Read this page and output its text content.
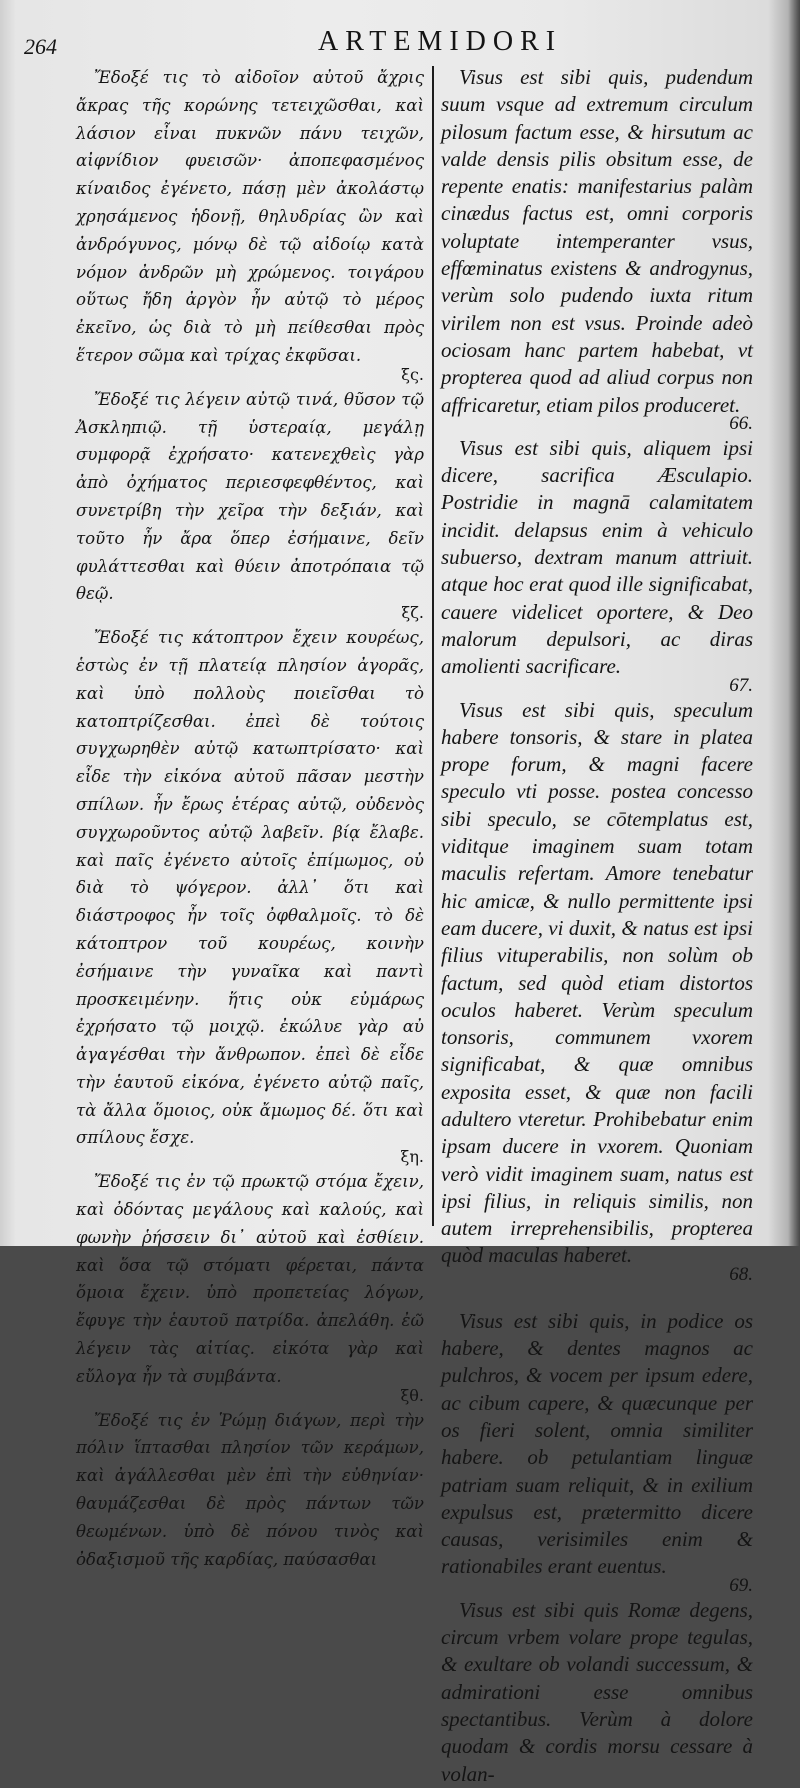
264	ARTEMIDORI

Ἔδοξέ τις τὸ αἰδοῖον αὐτοῦ ἄχρις ἄκρας τῆς κορώνης τετειχῶσθαι, καὶ λάσιον εἶναι πυκνῶν πάνυ τειχῶν, αἰφνίδιον φυεισῶν· ἀποπεφασμένος κίναιδος ἐγένετο, πάσῃ μὲν ἀκολάστῳ χρησάμενος ἡδονῇ, θηλυδρίας ὢν καὶ ἀνδρόγυνος, μόνῳ δὲ τῷ αἰδοίῳ κατὰ νόμον ἀνδρῶν μὴ χρώμενος. τοιγάρου οὕτως ἤδη ἀργὸν ἦν αὐτῷ τὸ μέρος ἐκεῖνο, ὡς διὰ τὸ μὴ πείθεσθαι πρὸς ἕτερον σῶμα καὶ τρίχας ἐκφῦσαι.
ξς.

Ἔδοξέ τις λέγειν αὐτῷ τινά, θῦσον τῷ Ἀσκληπιῷ. τῇ ὑστεραίᾳ, μεγάλῃ συμφορᾷ ἐχρήσατο· κατενεχθεὶς γὰρ ἀπὸ ὀχήματος περιεσφεφθέντος, καὶ συνετρίβη τὴν χεῖρα τὴν δεξιάν, καὶ τοῦτο ἦν ἄρα ὅπερ ἐσήμαινε, δεῖν φυλάττεσθαι καὶ θύειν ἀποτρόπαια τῷ θεῷ.
ξζ.

Ἔδοξέ τις κάτοπτρον ἔχειν κουρέως, ἑστὼς ἐν τῇ πλατείᾳ πλησίον ἀγορᾶς, καὶ ὑπὸ πολλοὺς ποιεῖσθαι τὸ κατοπτρίζεσθαι. ἐπεὶ δὲ τούτοις συγχωρηθὲν αὐτῷ κατωπτρίσατο· καὶ εἶδε τὴν εἰκόνα αὐτοῦ πᾶσαν μεστὴν σπίλων. ἦν ἔρως ἑτέρας αὐτῷ, οὐδενὸς συγχωροῦντος αὐτῷ λαβεῖν. βίᾳ ἔλαβε. καὶ παῖς ἐγένετο αὐτοῖς ἐπίμωμος, οὐ διὰ τὸ ψόγερον. ἀλλ᾽ ὅτι καὶ διάστροφος ἦν τοῖς ὀφθαλμοῖς. τὸ δὲ κάτοπτρον τοῦ κουρέως, κοινὴν ἐσήμαινε τὴν γυναῖκα καὶ παντὶ προσκειμένην. ἥτις οὐκ εὐμάρως ἐχρήσατο τῷ μοιχῷ. ἐκώλυε γὰρ αὐ ἀγαγέσθαι τὴν ἄνθρωπον. ἐπεὶ δὲ εἶδε τὴν ἑαυτοῦ εἰκόνα, ἐγένετο αὐτῷ παῖς, τὰ ἄλλα ὅμοιος, οὐκ ἄμωμος δέ. ὅτι καὶ σπίλους ἔσχε.
ξη.

Ἔδοξέ τις ἐν τῷ πρωκτῷ στόμα ἔχειν, καὶ ὀδόντας μεγάλους καὶ καλούς, καὶ φωνὴν ῥήσσειν δι᾽ αὐτοῦ καὶ ἐσθίειν. καὶ ὅσα τῷ στόματι φέρεται, πάντα ὅμοια ἔχειν. ὑπὸ προπετείας λόγων, ἔφυγε τὴν ἑαυτοῦ πατρίδα. ἀπελάθη. ἐῶ λέγειν τὰς αἰτίας. εἰκότα γὰρ καὶ εὔλογα ἦν τὰ συμβάντα.
ξθ.

Ἔδοξέ τις ἐν Ῥώμῃ διάγων, περὶ τὴν πόλιν ἵπτασθαι πλησίον τῶν κεράμων, καὶ ἀγάλλεσθαι μὲν ἐπὶ τὴν εὐθηνίαν· θαυμάζεσθαι δὲ πρὸς πάντων τῶν θεωμένων. ὑπὸ δὲ πόνου τινὸς καὶ ὀδαξισμοῦ τῆς καρδίας, παύσασθαι

Visus est sibi quis, pudendum suum vsque ad extremum circulum pilosum factum esse, & hirsutum ac valde densis pilis obsitum esse, de repente enatis: manifestarius palàm cinædus factus est, omni corporis voluptate intemperanter vsus, effœminatus existens & androgynus, verùm solo pudendo iuxta ritum virilem non est vsus. Proinde adeò ociosam hanc partem habebat, vt propterea quod ad aliud corpus non affricaretur, etiam pilos produceret.
66.

Visus est sibi quis, aliquem ipsi dicere, sacrifica Æsculapio. Postridie in magnā calamitatem incidit. delapsus enim à vehiculo subuerso, dextram manum attriuit. atque hoc erat quod ille significabat, cauere videlicet oportere, & Deo malorum depulsori, ac diras amolienti sacrificare.
67.

Visus est sibi quis, speculum habere tonsoris, & stare in platea prope forum, & magni facere speculo vti posse. postea concesso sibi speculo, se cōtemplatus est, viditque imaginem suam totam maculis refertam. Amore tenebatur hic amicæ, & nullo permittente ipsi eam ducere, vi duxit, & natus est ipsi filius vituperabilis, non solùm ob factum, sed quòd etiam distortos oculos haberet. Verùm speculum tonsoris, communem vxorem significabat, & quæ omnibus exposita esset, & quæ non facili adultero vteretur. Prohibebatur enim ipsam ducere in vxorem. Quoniam verò vidit imaginem suam, natus est ipsi filius, in reliquis similis, non autem irreprehensibilis, propterea quòd maculas haberet.
68.

Visus est sibi quis, in podice os habere, & dentes magnos ac pulchros, & vocem per ipsum edere, ac cibum capere, & quæcunque per os fieri solent, omnia similiter habere. ob petulantiam linguæ patriam suam reliquit, & in exilium expulsus est, prætermitto dicere causas, verisimiles enim & rationabiles erant euentus.
69.

Visus est sibi quis Romæ degens, circum vrbem volare prope tegulas, & exultare ob volandi successum, & admirationi esse omnibus spectantibus. Verùm à dolore quodam & cordis morsu cessare à volan-
